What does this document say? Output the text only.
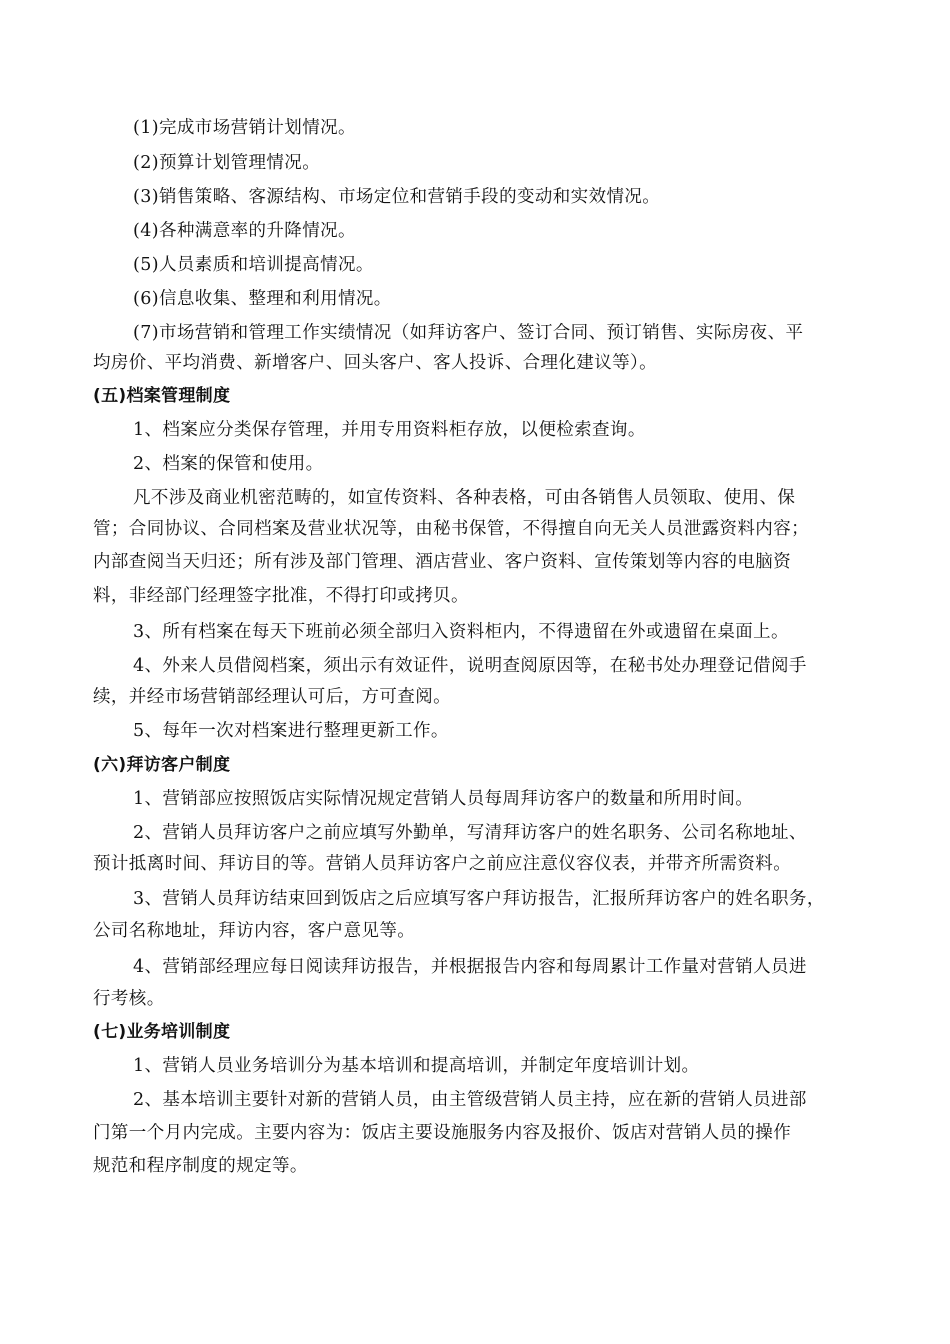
(1)完成市场营销计划情况。
(2)预算计划管理情况。
(3)销售策略、客源结构、市场定位和营销手段的变动和实效情况。
(4)各种满意率的升降情况。
(5)人员素质和培训提高情况。
(6)信息收集、整理和利用情况。
(7)市场营销和管理工作实绩情况（如拜访客户、签订合同、预订销售、实际房夜、平
均房价、平均消费、新增客户、回头客户、客人投诉、合理化建议等）。
(五)档案管理制度
1、档案应分类保存管理，并用专用资料柜存放，以便检索查询。
2、档案的保管和使用。
凡不涉及商业机密范畴的，如宣传资料、各种表格，可由各销售人员领取、使用、保
管；合同协议、合同档案及营业状况等，由秘书保管，不得擅自向无关人员泄露资料内容；
内部查阅当天归还；所有涉及部门管理、酒店营业、客户资料、宣传策划等内容的电脑资
料，非经部门经理签字批准，不得打印或拷贝。
3、所有档案在每天下班前必须全部归入资料柜内，不得遗留在外或遗留在桌面上。
4、外来人员借阅档案，须出示有效证件，说明查阅原因等，在秘书处办理登记借阅手
续，并经市场营销部经理认可后，方可查阅。
5、每年一次对档案进行整理更新工作。
(六)拜访客户制度
1、营销部应按照饭店实际情况规定营销人员每周拜访客户的数量和所用时间。
2、营销人员拜访客户之前应填写外勤单，写清拜访客户的姓名职务、公司名称地址、
预计抵离时间、拜访目的等。营销人员拜访客户之前应注意仪容仪表，并带齐所需资料。
3、营销人员拜访结束回到饭店之后应填写客户拜访报告，汇报所拜访客户的姓名职务，
公司名称地址，拜访内容，客户意见等。
4、营销部经理应每日阅读拜访报告，并根据报告内容和每周累计工作量对营销人员进
行考核。
(七)业务培训制度
1、营销人员业务培训分为基本培训和提高培训，并制定年度培训计划。
2、基本培训主要针对新的营销人员，由主管级营销人员主持，应在新的营销人员进部
门第一个月内完成。主要内容为：饭店主要设施服务内容及报价、饭店对营销人员的操作
规范和程序制度的规定等。
